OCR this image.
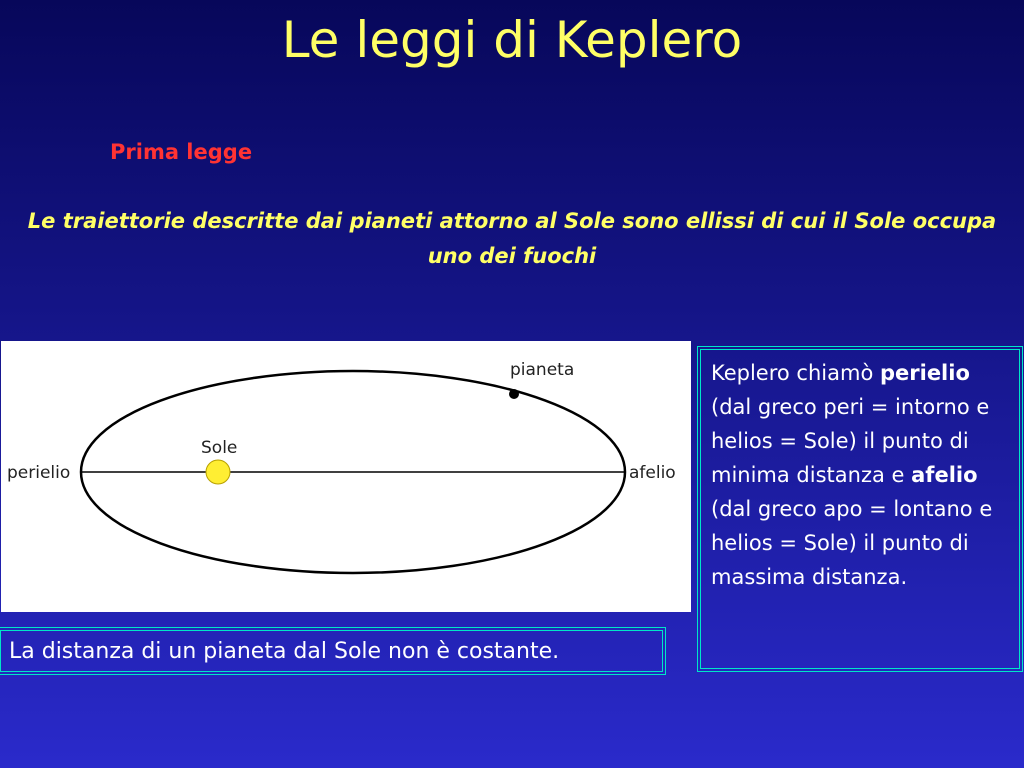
Le leggi di Keplero
Prima legge
Le traiettorie descritte dai pianeti attorno al Sole sono ellissi di cui il Sole occupa uno dei fuochi
pianeta
Sole
perielio	afelio
La distanza di un pianeta dal Sole non è costante.
Keplero chiamò perielio (dal greco peri = intorno e helios = Sole) il punto di minima distanza e afelio (dal greco apo = lontano e helios = Sole) il punto di massima distanza.
